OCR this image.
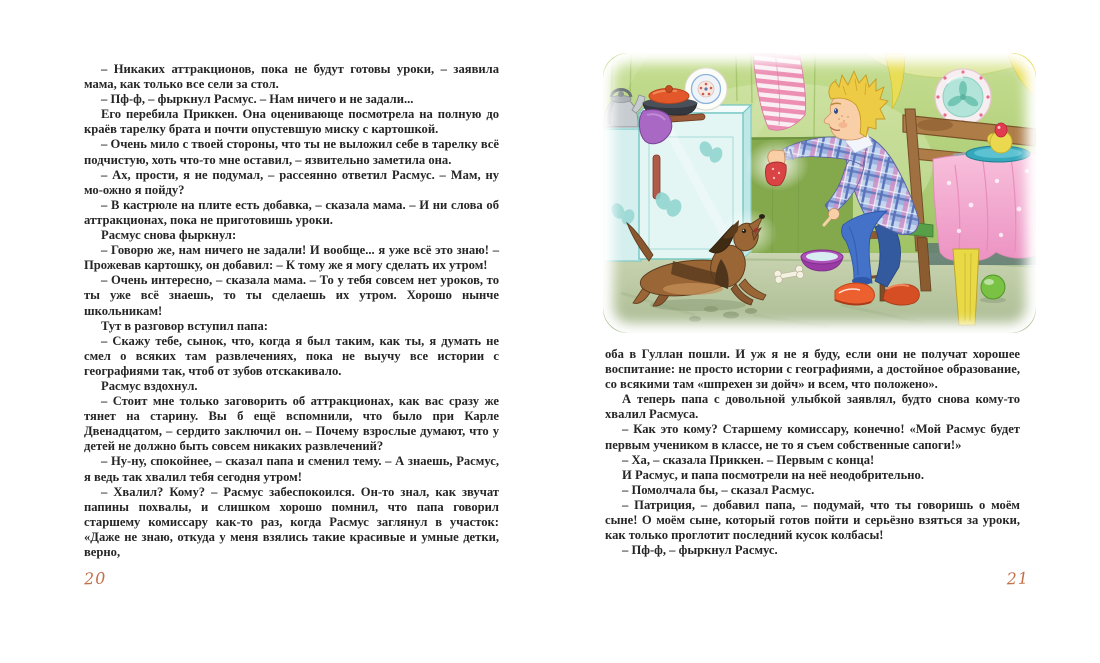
– Никаких аттракционов, пока не будут готовы уроки, – заявила мама, как только все сели за стол.

– Пф-ф, – фыркнул Расмус. – Нам ничего и не задали...

Его перебила Приккен. Она оценивающе посмотрела на полную до краёв тарелку брата и почти опустевшую миску с картошкой.

– Очень мило с твоей стороны, что ты не выложил себе в тарелку всё подчистую, хоть что-то мне оставил, – язвительно заметила она.

– Ах, прости, я не подумал, – рассеянно ответил Расмус. – Мам, ну мо-ожно я пойду?

– В кастрюле на плите есть добавка, – сказала мама. – И ни слова об аттракционах, пока не приготовишь уроки.

Расмус снова фыркнул:

– Говорю же, нам ничего не задали! И вообще... я уже всё это знаю! – Прожевав картошку, он добавил: – К тому же я могу сделать их утром!

– Очень интересно, – сказала мама. – То у тебя совсем нет уроков, то ты уже всё знаешь, то ты сделаешь их утром. Хорошо нынче школьникам!

Тут в разговор вступил папа:

– Скажу тебе, сынок, что, когда я был таким, как ты, я думать не смел о всяких там развлечениях, пока не выучу все истории с географиями так, чтоб от зубов отскакивало.

Расмус вздохнул.

– Стоит мне только заговорить об аттракционах, как вас сразу же тянет на старину. Вы б ещё вспомнили, что было при Карле Двенадцатом, – сердито заключил он. – Почему взрослые думают, что у детей не должно быть совсем никаких развлечений?

– Ну-ну, спокойнее, – сказал папа и сменил тему. – А знаешь, Расмус, я ведь так хвалил тебя сегодня утром!

– Хвалил? Кому? – Расмус забеспокоился. Он-то знал, как звучат папины похвалы, и слишком хорошо помнил, что папа говорил старшему комиссару как-то раз, когда Расмус заглянул в участок: «Даже не знаю, откуда у меня взялись такие красивые и умные детки, верно,

20

оба в Гуллан пошли. И уж я не я буду, если они не получат хорошее воспитание: не просто истории с географиями, а достойное образование, со всякими там «шпрехен зи дойч» и всем, что положено».

А теперь папа с довольной улыбкой заявлял, будто снова кому-то хвалил Расмуса.

– Как это кому? Старшему комиссару, конечно! «Мой Расмус будет первым учеником в классе, не то я съем собственные сапоги!»

– Ха, – сказала Приккен. – Первым с конца!

И Расмус, и папа посмотрели на неё неодобрительно.

– Помолчала бы, – сказал Расмус.

– Патриция, – добавил папа, – подумай, что ты говоришь о моём сыне! О моём сыне, который готов пойти и серьёзно взяться за уроки, как только проглотит последний кусок колбасы!

– Пф-ф, – фыркнул Расмус.

21
